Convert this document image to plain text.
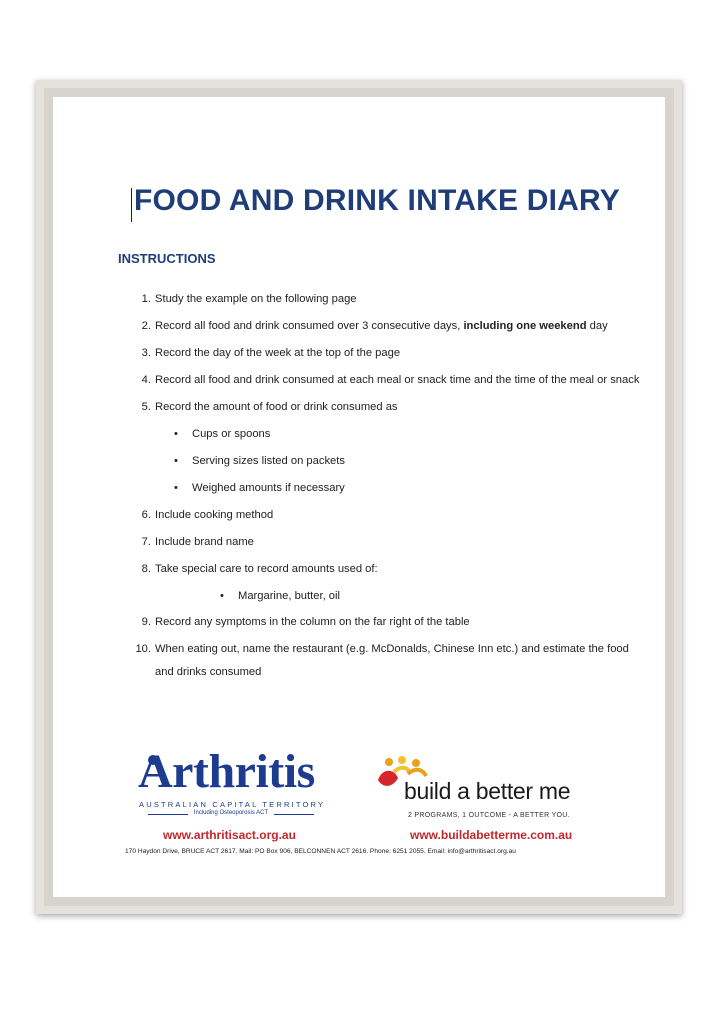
FOOD AND DRINK INTAKE DIARY
INSTRUCTIONS
1. Study the example on the following page
2. Record all food and drink consumed over 3 consecutive days, including one weekend day
3. Record the day of the week at the top of the page
4. Record all food and drink consumed at each meal or snack time and the time of the meal or snack
5. Record the amount of food or drink consumed as
• Cups or spoons
• Serving sizes listed on packets
• Weighed amounts if necessary
6. Include cooking method
7. Include brand name
8. Take special care to record amounts used of:
• Margarine, butter, oil
9. Record any symptoms in the column on the far right of the table
10. When eating out, name the restaurant (e.g. McDonalds, Chinese Inn etc.) and estimate the food
and drinks consumed
Arthritis
AUSTRALIAN CAPITAL TERRITORY
Including Osteoporosis ACT
build a better me
2 PROGRAMS, 1 OUTCOME - A BETTER YOU.
www.arthritisact.org.au	www.buildabetterme.com.au
170 Haydon Drive, BRUCE ACT 2617. Mail: PO Box 906, BELCONNEN ACT 2616. Phone: 6251 2055. Email: info@arthritisact.org.au
